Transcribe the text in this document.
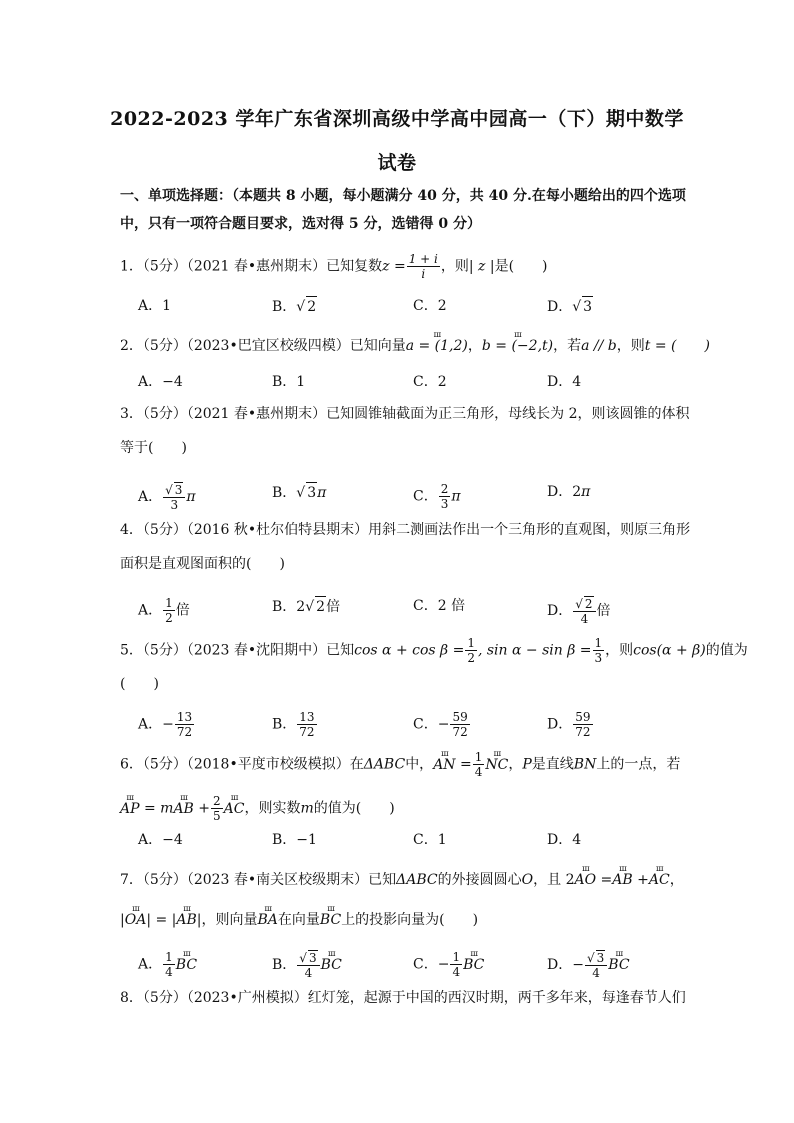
2022-2023 学年广东省深圳高级中学高中园高一（下）期中数学
试卷
一、单项选择题：（本题共 8 小题，每小题满分 40 分，共 40 分.在每小题给出的四个选项
中，只有一项符合题目要求，选对得 5 分，选错得 0 分）
1．（5分）（2021 春•惠州期末）已知复数$z = \frac{1 + i}{i}$ ，则| z |是(　　)
A．1	B．√ 2	C．2	D．√ 3
2．（5分）（2023•巴宜区校级四模）已知向量ш a = (1,2)，ш b = (−2,t)，若a // b，则t = (　　)
A．−4	B．1	C．2	D．4
3．（5分）（2021 春•惠州期末）已知圆锥轴截面为正三角形，母线长为 2，则该圆锥的体积
等于(　　)
A． $\frac{√ 3}{3}$ π	B．√ 3π	C． $\frac{2}{3}$ π	D．2π
4．（5分）（2016 秋•杜尔伯特县期末）用斜二测画法作出一个三角形的直观图，则原三角形
面积是直观图面积的(　　)
A． $\frac{1}{2}$ 倍	B．2√ 2倍	C．2 倍	D． $\frac{√ 2}{4}$ 倍
5．（5分）（2023 春•沈阳期中）已知$\cos \alpha + \cos \beta = \frac{1}{2}$ , $\sin \alpha - \sin \beta = \frac{1}{3}$ ，则cos(α + β)的值为
(　　)
A．− $\frac{13}{72}$	B． $\frac{13}{72}$	C．− $\frac{59}{72}$	D． $\frac{59}{72}$
6．（5分）（2018•平度市校级模拟）在ΔABC中，ш AN = $\frac{1}{4}$ ш NC，P是直线BN上的一点，若
ш AP = mш AB + $\frac{2}{5}$ ш AC，则实数m的值为(　　)
A．−4	B．−1	C．1	D．4
7．（5分）（2023 春•南关区校级期末）已知ΔABC的外接圆圆心O，且 2ш AO =ш AB +ш AC，
|ш OA| = |ш AB|，则向量ш BA在向量ш BC上的投影向量为(　　)
A． $\frac{1}{4}$ ш BC	B． $\frac{√ 3}{4}$ ш BC	C．− $\frac{1}{4}$ ш BC	D．− $\frac{√ 3}{4}$ ш BC
8．（5分）（2023•广州模拟）红灯笼，起源于中国的西汉时期，两千多年来，每逢春节人们
